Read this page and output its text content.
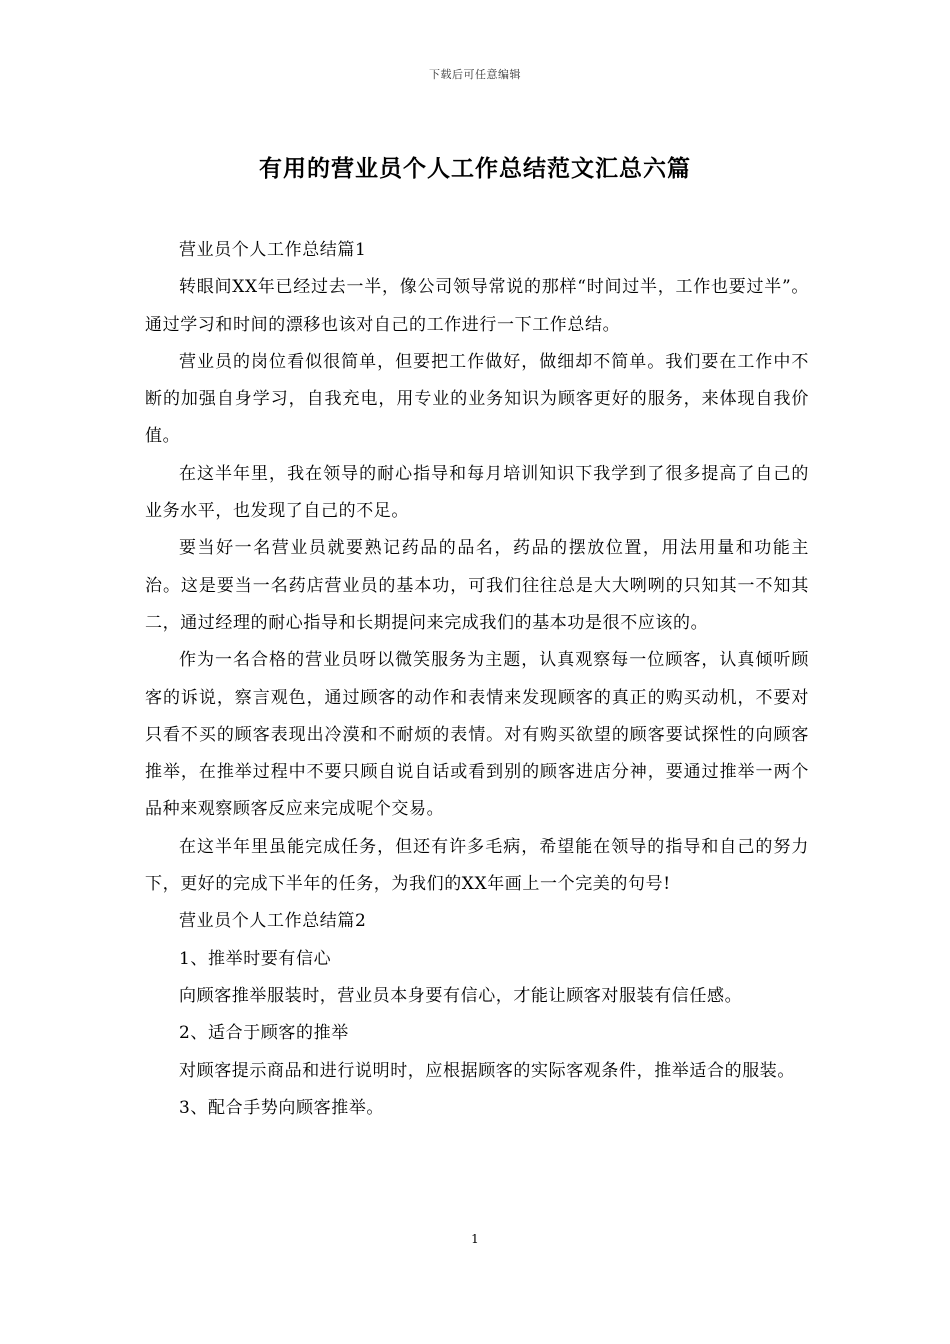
下载后可任意编辑
有用的营业员个人工作总结范文汇总六篇

营业员个人工作总结篇1

转眼间XX年已经过去一半，像公司领导常说的那样“时间过半，工作也要过半”。通过学习和时间的漂移也该对自己的工作进行一下工作总结。

营业员的岗位看似很简单，但要把工作做好，做细却不简单。我们要在工作中不断的加强自身学习，自我充电，用专业的业务知识为顾客更好的服务，来体现自我价值。

在这半年里，我在领导的耐心指导和每月培训知识下我学到了很多提高了自己的业务水平，也发现了自己的不足。

要当好一名营业员就要熟记药品的品名，药品的摆放位置，用法用量和功能主治。这是要当一名药店营业员的基本功，可我们往往总是大大咧咧的只知其一不知其二，通过经理的耐心指导和长期提问来完成我们的基本功是很不应该的。

作为一名合格的营业员呀以微笑服务为主题，认真观察每一位顾客，认真倾听顾客的诉说，察言观色，通过顾客的动作和表情来发现顾客的真正的购买动机，不要对只看不买的顾客表现出冷漠和不耐烦的表情。对有购买欲望的顾客要试探性的向顾客推举，在推举过程中不要只顾自说自话或看到别的顾客进店分神，要通过推举一两个品种来观察顾客反应来完成呢个交易。

在这半年里虽能完成任务，但还有许多毛病，希望能在领导的指导和自己的努力下，更好的完成下半年的任务，为我们的XX年画上一个完美的句号!

营业员个人工作总结篇2

1、推举时要有信心

向顾客推举服装时，营业员本身要有信心，才能让顾客对服装有信任感。

2、适合于顾客的推举

对顾客提示商品和进行说明时，应根据顾客的实际客观条件，推举适合的服装。

3、配合手势向顾客推举。

1
